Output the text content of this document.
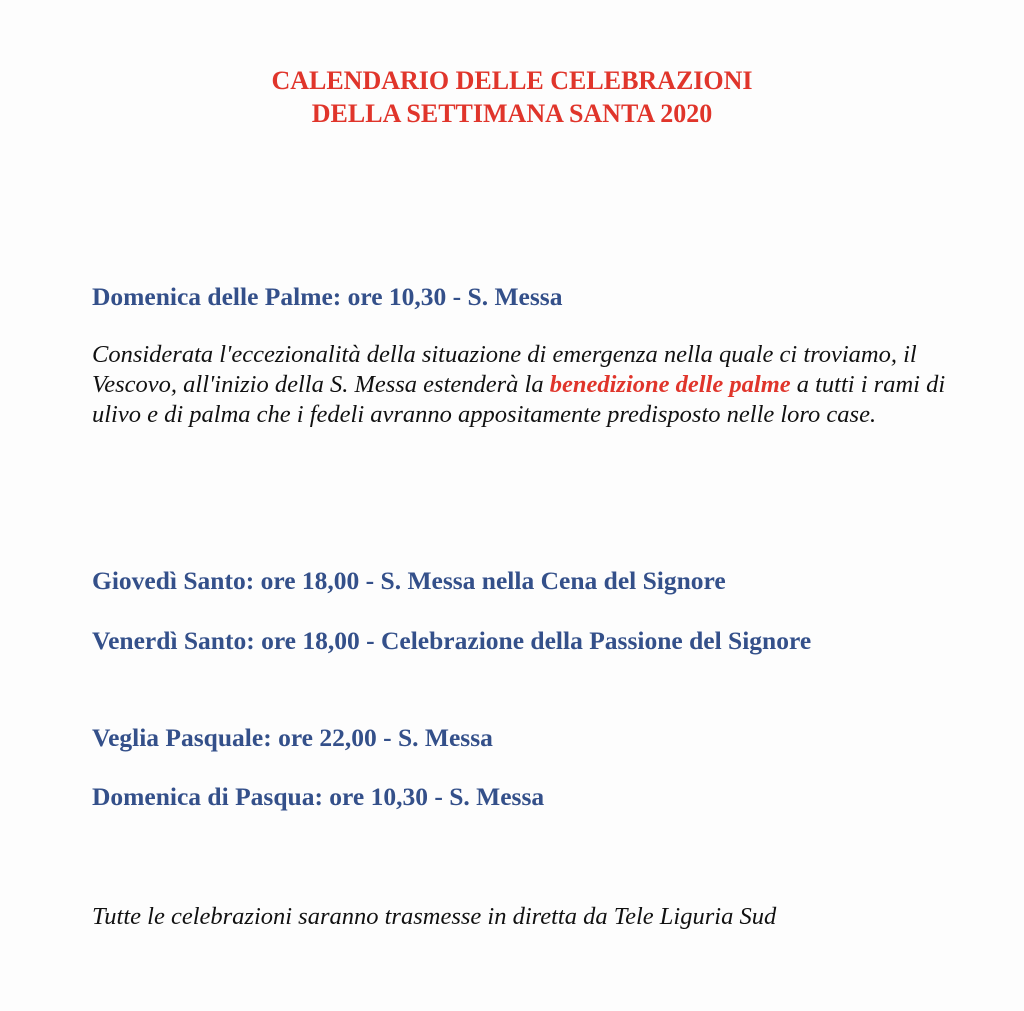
CALENDARIO DELLE CELEBRAZIONI
DELLA SETTIMANA SANTA 2020

Domenica delle Palme: ore 10,30 - S. Messa

Considerata l'eccezionalità della situazione di emergenza nella quale ci troviamo, il Vescovo, all'inizio della S. Messa estenderà la benedizione delle palme a tutti i rami di ulivo e di palma che i fedeli avranno appositamente predisposto nelle loro case.

Giovedì Santo: ore 18,00 - S. Messa nella Cena del Signore

Venerdì Santo: ore 18,00 - Celebrazione della Passione del Signore

Veglia Pasquale: ore 22,00 - S. Messa

Domenica di Pasqua: ore 10,30 - S. Messa

Tutte le celebrazioni saranno trasmesse in diretta da Tele Liguria Sud
